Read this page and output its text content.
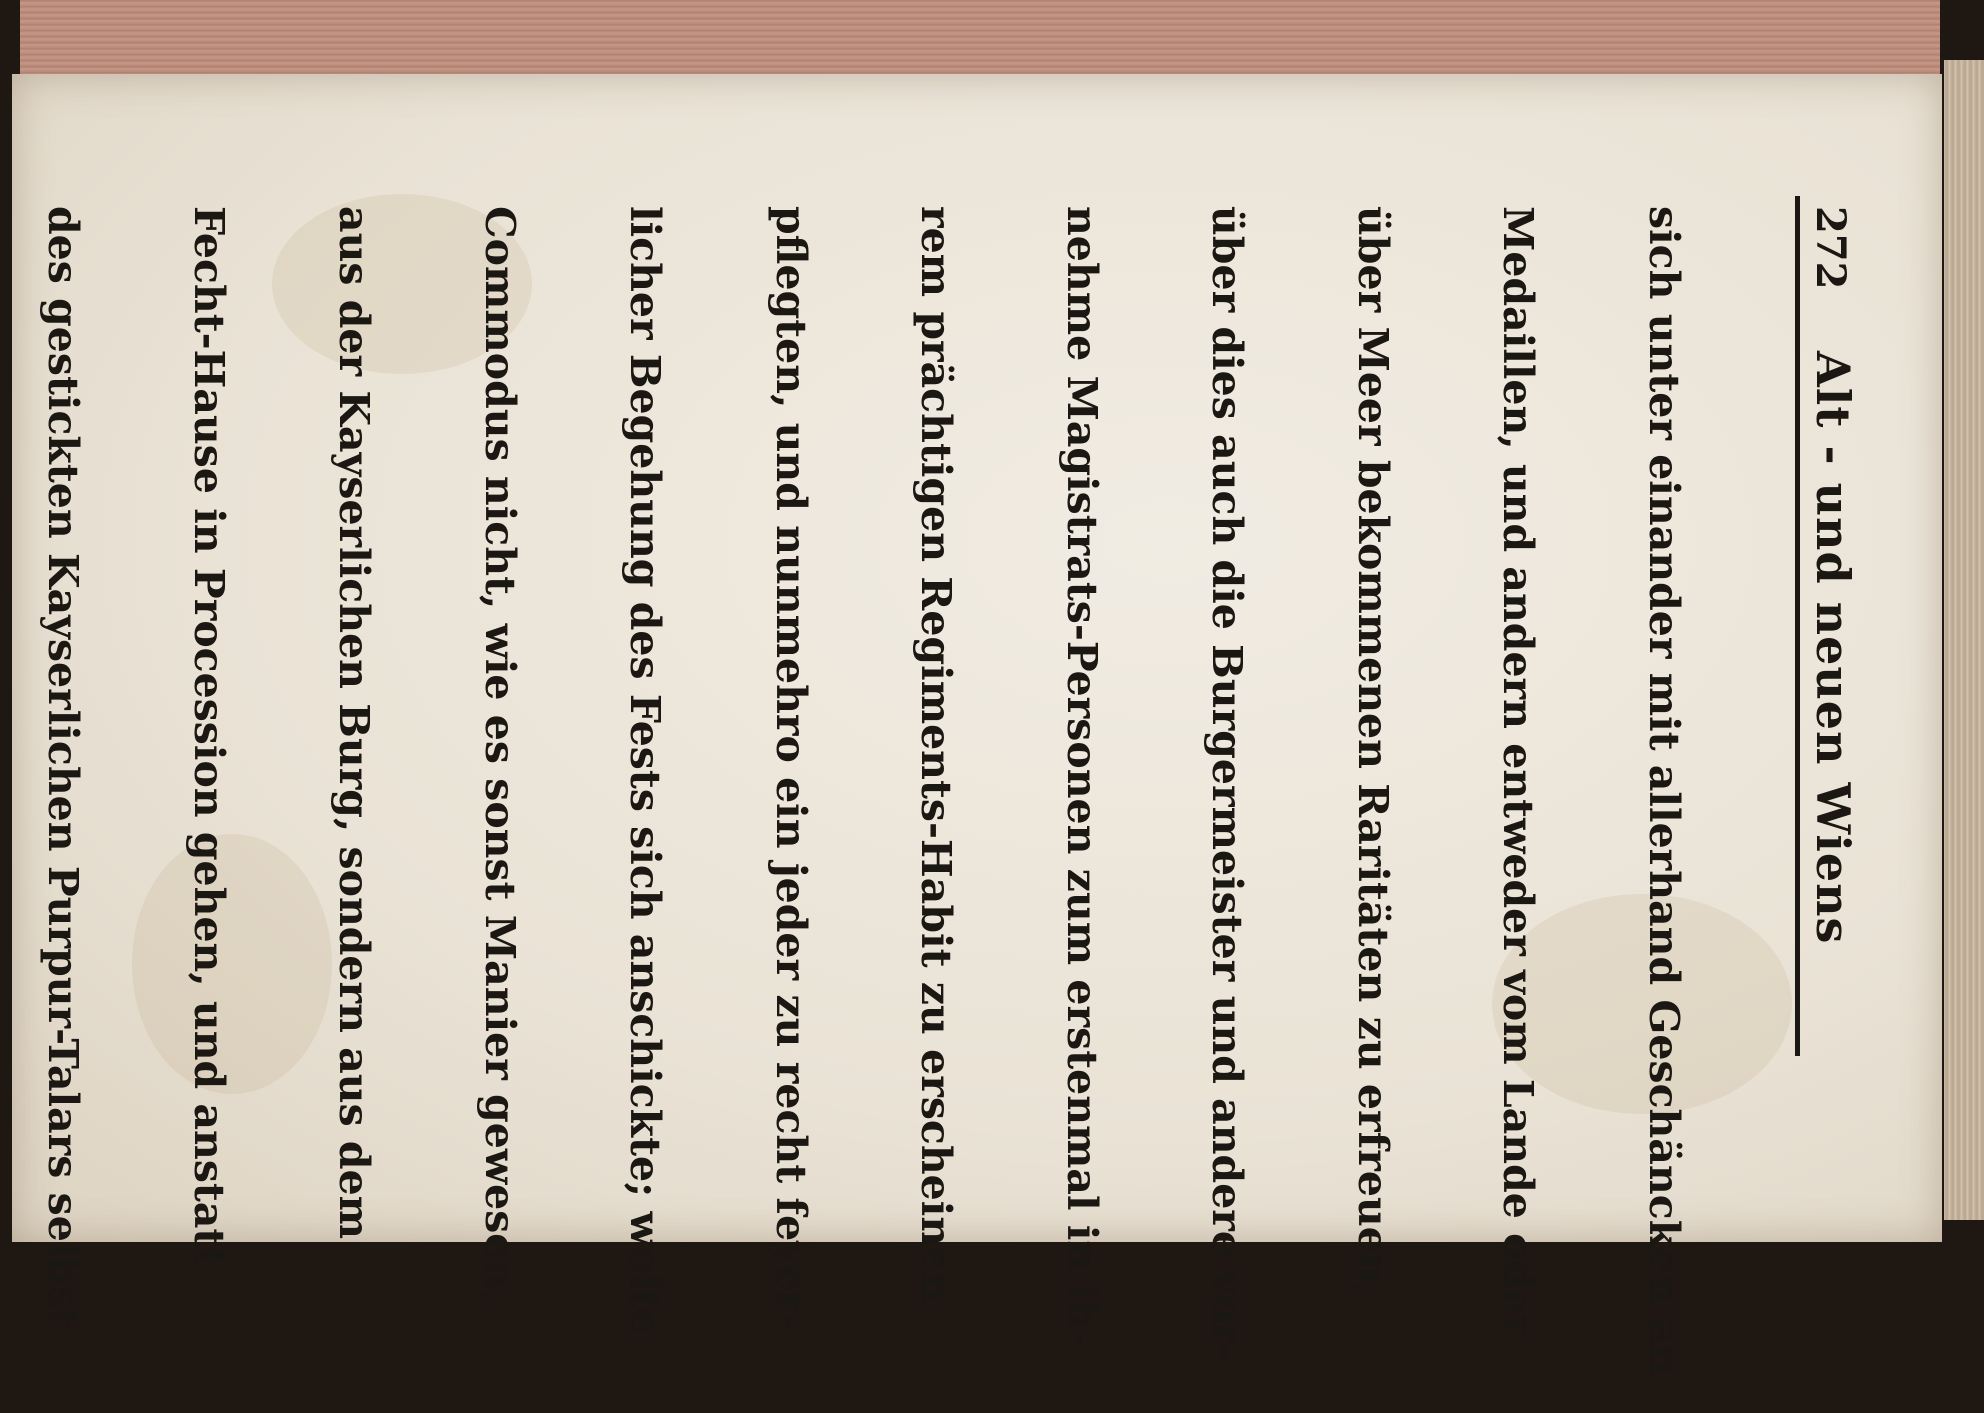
272
Alt - und neuen Wiens

sich unter einander mit allerhand Geschäncken an

Medaillen, und andern entweder vom Lande oder

über Meer bekommenen Raritäten zu erfreuen,

über dies auch die Burgermeister und andere vor-

nehme Magistrats-Personen zum erstenmal in ih-

rem prächtigen Regiments-Habit zu erscheinen

pflegten, und nunmehro ein jeder zu recht feyer-

licher Begehung des Fests sich anschickte; wolte

Commodus nicht, wie es sonst Manier gewesen,

aus der Kayserlichen Burg, sondern aus dem

Fecht-Hause in Procession gehen, und anstatt

des gestickten Kayserlichen Purpur-Talars selbst
